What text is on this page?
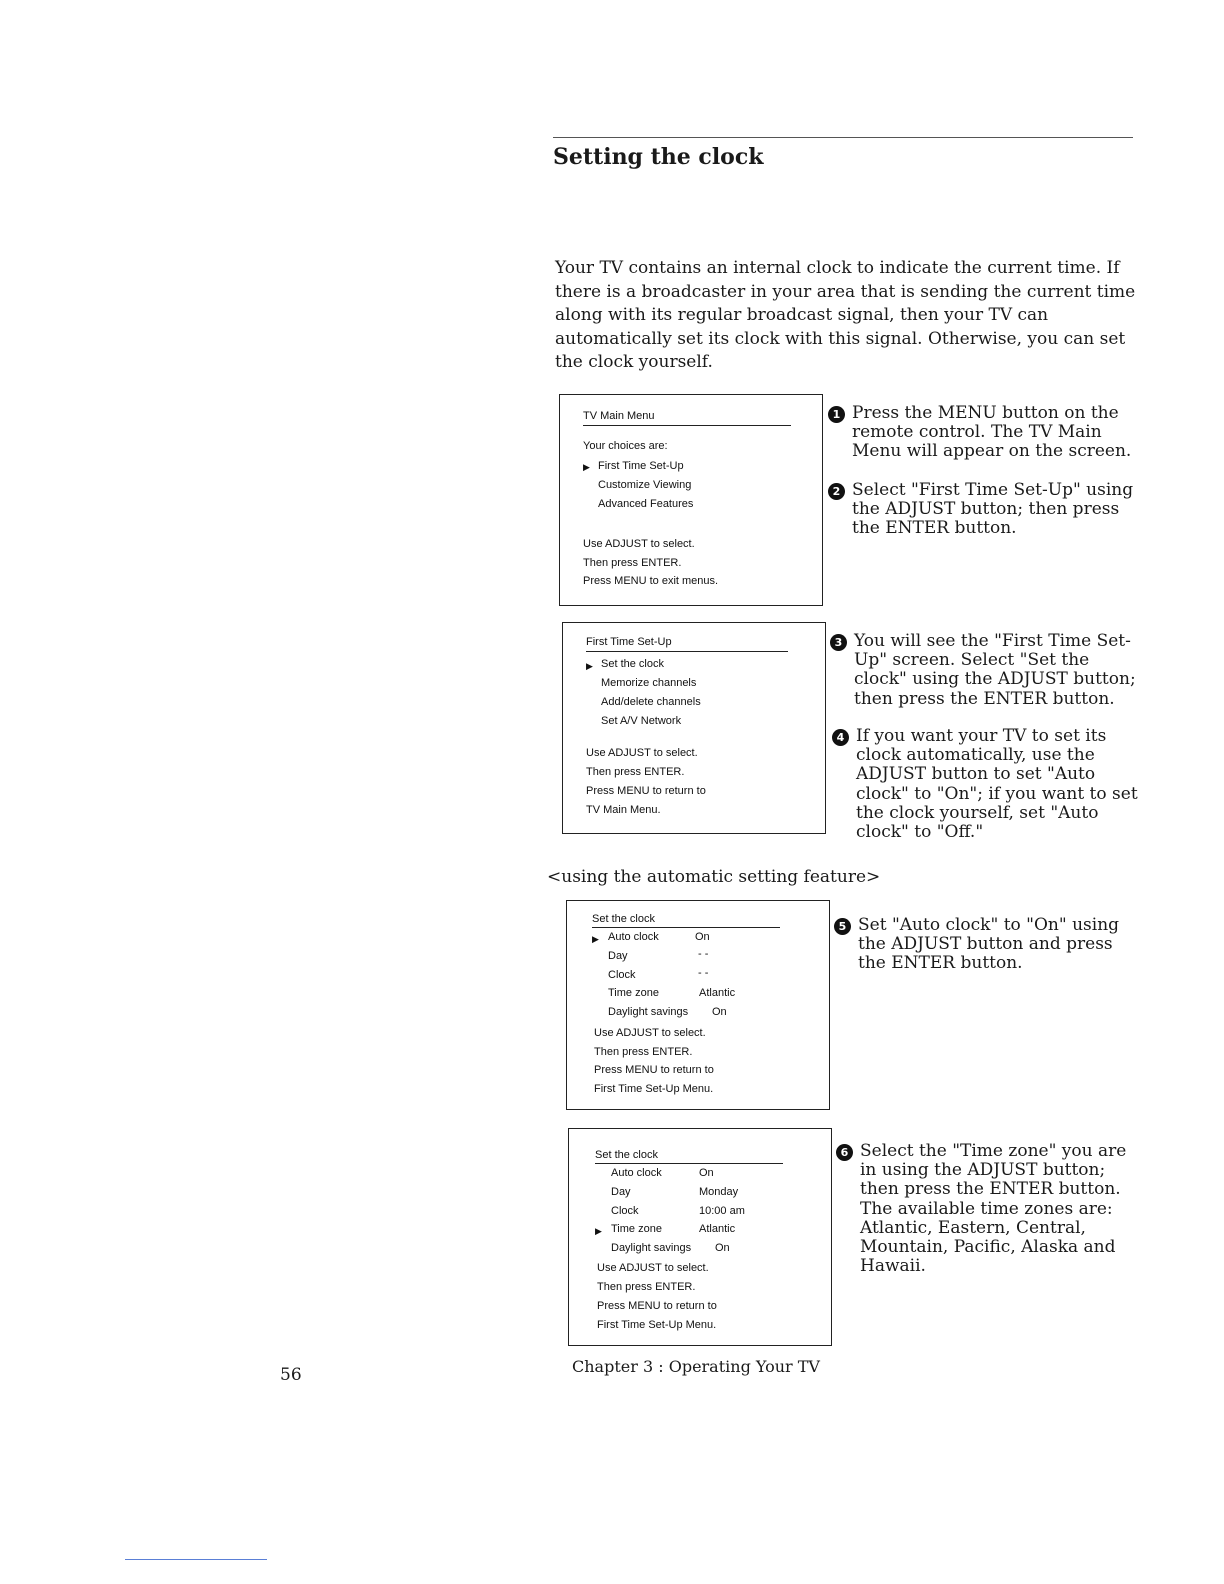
Setting the clock

Your TV contains an internal clock to indicate the current time. If there is a broadcaster in your area that is sending the current time along with its regular broadcast signal, then your TV can automatically set its clock with this signal. Otherwise, you can set the clock yourself.

TV Main Menu
Your choices are:
▶ First Time Set-Up
Customize Viewing
Advanced Features
Use ADJUST to select.
Then press ENTER.
Press MENU to exit menus.
First Time Set-Up
▶ Set the clock
Memorize channels
Add/delete channels
Set A/V Network
Use ADJUST to select.
Then press ENTER.
Press MENU to return to
TV Main Menu.

<using the automatic setting feature>

Set the clock
▶ Auto clock	On
Day	- -
Clock	- -
Time zone	Atlantic
Daylight savings On
Use ADJUST to select.
Then press ENTER.
Press MENU to return to
First Time Set-Up Menu.
Set the clock
Auto clock	On
Day	Monday
Clock	10:00 am
▶ Time zone	Atlantic
Daylight savings On
Use ADJUST to select.
Then press ENTER.
Press MENU to return to
First Time Set-Up Menu.
1 Press the MENU button on the remote control. The TV Main Menu will appear on the screen.
2 Select "First Time Set-Up" using the ADJUST button; then press the ENTER button.
3 You will see the "First Time Set-Up" screen. Select "Set the clock" using the ADJUST button; then press the ENTER button.
4 If you want your TV to set its clock automatically, use the ADJUST button to set "Auto clock" to "On"; if you want to set the clock yourself, set "Auto clock" to "Off."
5 Set "Auto clock" to "On" using the ADJUST button and press the ENTER button.
6 Select the "Time zone" you are in using the ADJUST button; then press the ENTER button. The available time zones are: Atlantic, Eastern, Central, Mountain, Pacific, Alaska and Hawaii.

Chapter 3 : Operating Your TV

56
